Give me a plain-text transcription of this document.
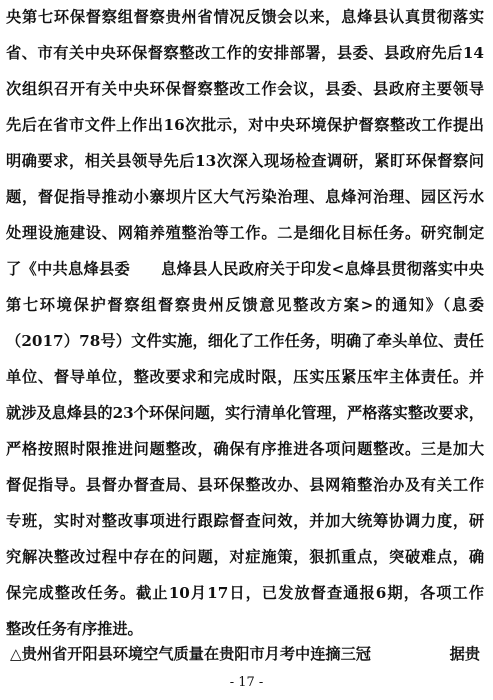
央第七环保督察组督察贵州省情况反馈会以来，息烽县认真贯彻落实
省、市有关中央环保督察整改工作的安排部署，县委、县政府先后14
次组织召开有关中央环保督察整改工作会议，县委、县政府主要领导
先后在省市文件上作出16次批示，对中央环境保护督察整改工作提出
明确要求，相关县领导先后13次深入现场检查调研，紧盯环保督察问
题，督促指导推动小寨坝片区大气污染治理、息烽河治理、园区污水
处理设施建设、网箱养殖整治等工作。二是细化目标任务。研究制定
了《中共息烽县委　　息烽县人民政府关于印发<息烽县贯彻落实中央
第七环境保护督察组督察贵州反馈意见整改方案>的通知》（息委
（2017）78号）文件实施，细化了工作任务，明确了牵头单位、责任
单位、督导单位，整改要求和完成时限，压实压紧压牢主体责任。并
就涉及息烽县的23个环保问题，实行清单化管理，严格落实整改要求，
严格按照时限推进问题整改，确保有序推进各项问题整改。三是加大
督促指导。县督办督查局、县环保整改办、县网箱整治办及有关工作
专班，实时对整改事项进行跟踪督查问效，并加大统筹协调力度，研
究解决整改过程中存在的问题，对症施策，狠抓重点，突破难点，确
保完成整改任务。截止10月17日，已发放督查通报6期，各项工作
整改任务有序推进。
△贵州省开阳县环境空气质量在贵阳市月考中连摘三冠	据贵
- 17 -
